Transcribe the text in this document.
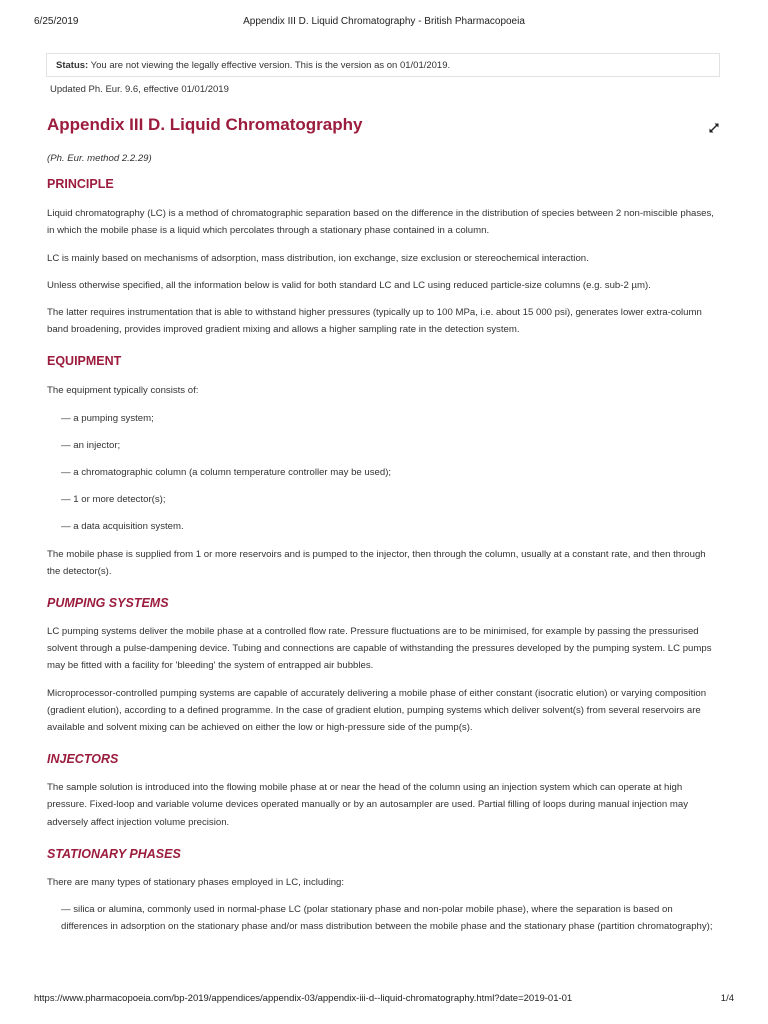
6/25/2019	Appendix III D. Liquid Chromatography - British Pharmacopoeia
Status: You are not viewing the legally effective version. This is the version as on 01/01/2019.
Updated Ph. Eur. 9.6, effective 01/01/2019
Appendix III D. Liquid Chromatography

(Ph. Eur. method 2.2.29)

PRINCIPLE

Liquid chromatography (LC) is a method of chromatographic separation based on the difference in the distribution of species between 2 non-miscible phases, in which the mobile phase is a liquid which percolates through a stationary phase contained in a column.

LC is mainly based on mechanisms of adsorption, mass distribution, ion exchange, size exclusion or stereochemical interaction.

Unless otherwise specified, all the information below is valid for both standard LC and LC using reduced particle-size columns (e.g. sub-2 µm).

The latter requires instrumentation that is able to withstand higher pressures (typically up to 100 MPa, i.e. about 15 000 psi), generates lower extra-column band broadening, provides improved gradient mixing and allows a higher sampling rate in the detection system.

EQUIPMENT

The equipment typically consists of:

— a pumping system;

— an injector;

— a chromatographic column (a column temperature controller may be used);

— 1 or more detector(s);

— a data acquisition system.

The mobile phase is supplied from 1 or more reservoirs and is pumped to the injector, then through the column, usually at a constant rate, and then through the detector(s).

PUMPING SYSTEMS

LC pumping systems deliver the mobile phase at a controlled flow rate. Pressure fluctuations are to be minimised, for example by passing the pressurised solvent through a pulse-dampening device. Tubing and connections are capable of withstanding the pressures developed by the pumping system. LC pumps may be fitted with a facility for 'bleeding' the system of entrapped air bubbles.

Microprocessor-controlled pumping systems are capable of accurately delivering a mobile phase of either constant (isocratic elution) or varying composition (gradient elution), according to a defined programme. In the case of gradient elution, pumping systems which deliver solvent(s) from several reservoirs are available and solvent mixing can be achieved on either the low or high-pressure side of the pump(s).

INJECTORS

The sample solution is introduced into the flowing mobile phase at or near the head of the column using an injection system which can operate at high pressure. Fixed-loop and variable volume devices operated manually or by an autosampler are used. Partial filling of loops during manual injection may adversely affect injection volume precision.

STATIONARY PHASES

There are many types of stationary phases employed in LC, including:

— silica or alumina, commonly used in normal-phase LC (polar stationary phase and non-polar mobile phase), where the separation is based on differences in adsorption on the stationary phase and/or mass distribution between the mobile phase and the stationary phase (partition chromatography);

https://www.pharmacopoeia.com/bp-2019/appendices/appendix-03/appendix-iii-d--liquid-chromatography.html?date=2019-01-01	1/4
